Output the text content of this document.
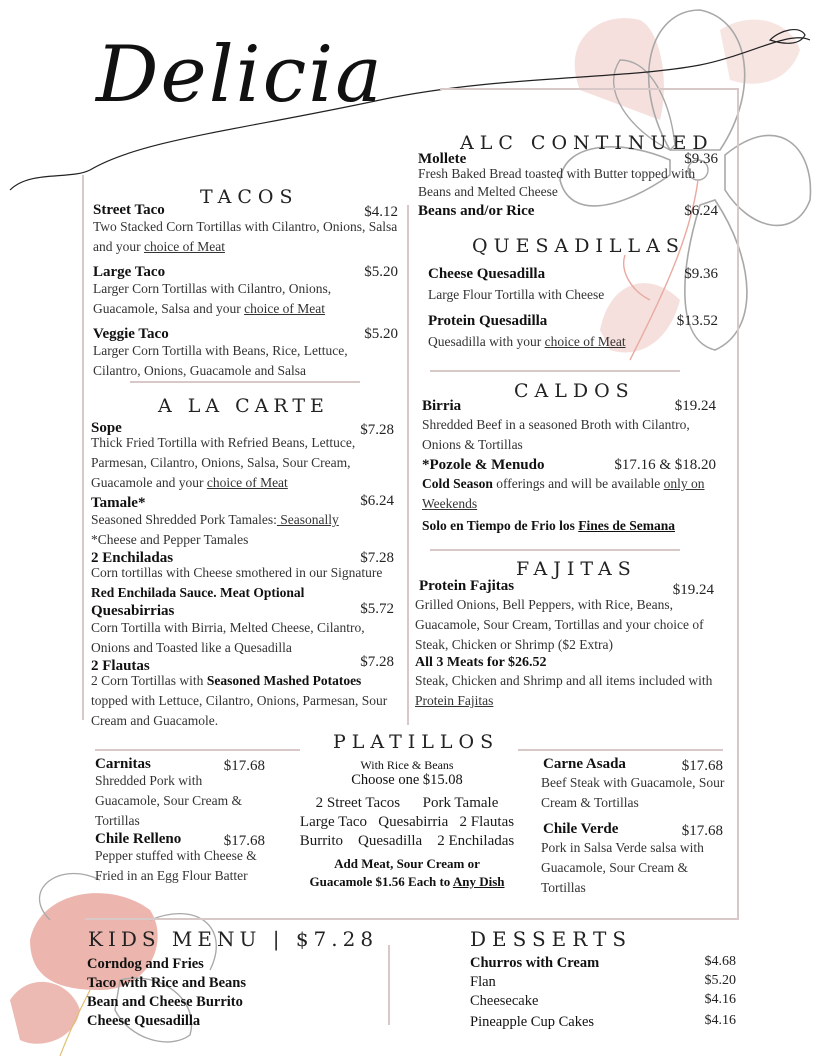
Delicia
TACOS
Street Taco	$4.12
Two Stacked Corn Tortillas with Cilantro, Onions, Salsa and your choice of Meat
Large Taco	$5.20
Larger Corn Tortillas with Cilantro, Onions, Guacamole, Salsa and your choice of Meat
Veggie Taco	$5.20
Larger Corn Tortilla with Beans, Rice, Lettuce, Cilantro, Onions, Guacamole and Salsa
A LA CARTE
Sope	$7.28
Thick Fried Tortilla with Refried Beans, Lettuce, Parmesan, Cilantro, Onions, Salsa, Sour Cream, Guacamole and your choice of Meat
Tamale*	$6.24
Seasoned Shredded Pork Tamales: Seasonally
*Cheese and Pepper Tamales
2 Enchiladas	$7.28
Corn tortillas with Cheese smothered in our Signature Red Enchilada Sauce. Meat Optional
Quesabirrias	$5.72
Corn Tortilla with Birria, Melted Cheese, Cilantro, Onions and Toasted like a Quesadilla
2 Flautas	$7.28
2 Corn Tortillas with Seasoned Mashed Potatoes topped with Lettuce, Cilantro, Onions, Parmesan, Sour Cream and Guacamole.
ALC CONTINUED
Mollete	$9.36
Fresh Baked Bread toasted with Butter topped with Beans and Melted Cheese
Beans and/or Rice	$6.24
QUESADILLAS
Cheese Quesadilla	$9.36
Large Flour Tortilla with Cheese
Protein Quesadilla	$13.52
Quesadilla with your choice of Meat
CALDOS
Birria	$19.24
Shredded Beef in a seasoned Broth with Cilantro, Onions & Tortillas
*Pozole & Menudo	$17.16 & $18.20
Cold Season offerings and will be available only on Weekends
Solo en Tiempo de Frio los Fines de Semana
FAJITAS
Protein Fajitas	$19.24
Grilled Onions, Bell Peppers, with Rice, Beans, Guacamole, Sour Cream, Tortillas and your choice of Steak, Chicken or Shrimp ($2 Extra)
All 3 Meats for $26.52
Steak, Chicken and Shrimp and all items included with Protein Fajitas
PLATILLOS
Carnitas	$17.68
Shredded Pork with Guacamole, Sour Cream & Tortillas
Chile Relleno	$17.68
Pepper stuffed with Cheese & Fried in an Egg Flour Batter
With Rice & Beans
Choose one $15.08
2 Street Tacos      Pork Tamale
Large Taco   Quesabirria   2 Flautas
Burrito    Quesadilla    2 Enchiladas
Add Meat, Sour Cream or
Guacamole $1.56 Each to Any Dish
Carne Asada	$17.68
Beef Steak with Guacamole, Sour Cream & Tortillas
Chile Verde	$17.68
Pork in Salsa Verde salsa with Guacamole, Sour Cream & Tortillas
KIDS MENU | $7.28
Corndog and Fries
Taco with Rice and Beans
Bean and Cheese Burrito
Cheese Quesadilla
DESSERTS
Churros with Cream	$4.68
Flan	$5.20
Cheesecake	$4.16
Pineapple Cup Cakes	$4.16
